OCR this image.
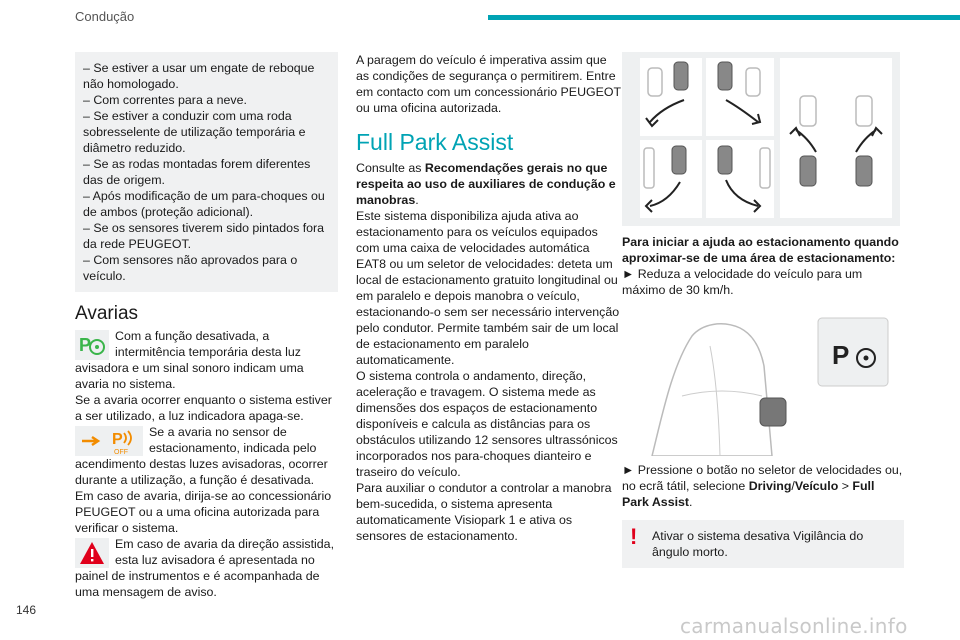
Condução

– Se estiver a usar um engate de reboque não homologado.

– Com correntes para a neve.

– Se estiver a conduzir com uma roda sobresselente de utilização temporária e diâmetro reduzido.

– Se as rodas montadas forem diferentes das de origem.

– Após modificação de um para-choques ou de ambos (proteção adicional).

– Se os sensores tiverem sido pintados fora da rede PEUGEOT.

– Com sensores não aprovados para o veículo.

Avarias
P	Com a função desativada, a intermitência temporária desta luz avisadora e um sinal sonoro indicam uma avaria no sistema.

Se a avaria ocorrer enquanto o sistema estiver a ser utilizado, a luz indicadora apaga-se.

P
OFF

Se a avaria no sensor de estacionamento, indicada pelo acendimento destas luzes avisadoras, ocorrer durante a utilização, a função é desativada.

Em caso de avaria, dirija-se ao concessionário PEUGEOT ou a uma oficina autorizada para verificar o sistema.

Em caso de avaria da direção assistida, esta luz avisadora é apresentada no painel de instrumentos e é acompanhada de uma mensagem de aviso.

A paragem do veículo é imperativa assim que as condições de segurança o permitirem. Entre em contacto com um concessionário PEUGEOT ou uma oficina autorizada.

Full Park Assist

Consulte as Recomendações gerais no que respeita ao uso de auxiliares de condução e manobras.

Este sistema disponibiliza ajuda ativa ao estacionamento para os veículos equipados com uma caixa de velocidades automática EAT8 ou um seletor de velocidades: deteta um local de estacionamento gratuito longitudinal ou em paralelo e depois manobra o veículo, estacionando-o sem ser necessário intervenção pelo condutor. Permite também sair de um local de estacionamento em paralelo automaticamente.

O sistema controla o andamento, direção, aceleração e travagem. O sistema mede as dimensões dos espaços de estacionamento disponíveis e calcula as distâncias para os obstáculos utilizando 12 sensores ultrassónicos incorporados nos para-choques dianteiro e traseiro do veículo.

Para auxiliar o condutor a controlar a manobra bem-sucedida, o sistema apresenta automaticamente Visiopark 1 e ativa os sensores de estacionamento.

Para iniciar a ajuda ao estacionamento quando aproximar-se de uma área de estacionamento:

► Reduza a velocidade do veículo para um máximo de 30 km/h.

P

► Pressione o botão no seletor de velocidades ou, no ecrã tátil, selecione Driving/Veículo > Full Park Assist.

! Ativar o sistema desativa Vigilância do ângulo morto.

146
carmanualsonline.info
